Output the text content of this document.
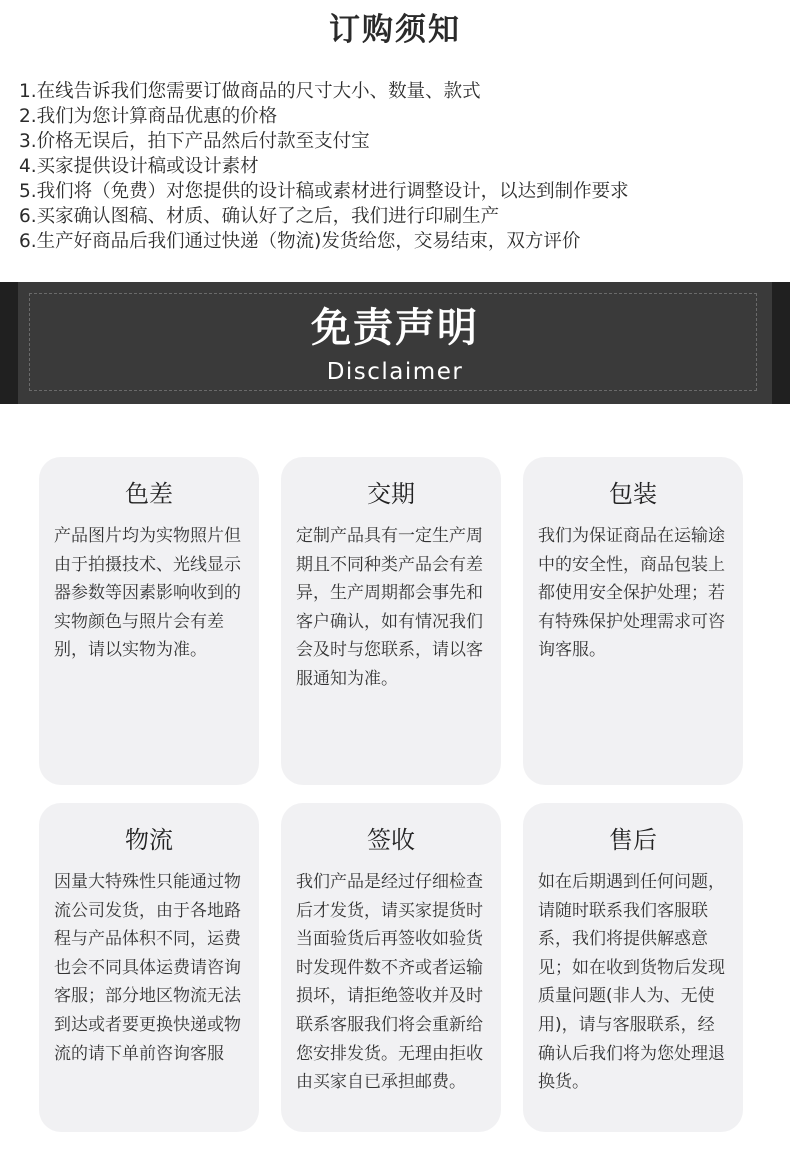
订购须知
1.在线告诉我们您需要订做商品的尺寸大小、数量、款式
2.我们为您计算商品优惠的价格
3.价格无误后，拍下产品然后付款至支付宝
4.买家提供设计稿或设计素材
5.我们将（免费）对您提供的设计稿或素材进行调整设计，以达到制作要求
6.买家确认图稿、材质、确认好了之后，我们进行印刷生产
6.生产好商品后我们通过快递（物流)发货给您，交易结束，双方评价
免责声明
Disclaimer
色差

产品图片均为实物照片但由于拍摄技术、光线显示器参数等因素影响收到的实物颜色与照片会有差别，请以实物为准。

交期

定制产品具有一定生产周期且不同种类产品会有差异，生产周期都会事先和客户确认，如有情况我们会及时与您联系，请以客服通知为准。

包装

我们为保证商品在运输途中的安全性，商品包装上都使用安全保护处理；若有特殊保护处理需求可咨询客服。

物流

因量大特殊性只能通过物流公司发货，由于各地路程与产品体积不同，运费也会不同具体运费请咨询客服；部分地区物流无法到达或者要更换快递或物流的请下单前咨询客服

签收

我们产品是经过仔细检查后才发货，请买家提货时当面验货后再签收如验货时发现件数不齐或者运输损坏，请拒绝签收并及时联系客服我们将会重新给您安排发货。无理由拒收由买家自已承担邮费。

售后

如在后期遇到任何问题，请随时联系我们客服联系，我们将提供解惑意见；如在收到货物后发现质量问题(非人为、无使用)，请与客服联系，经确认后我们将为您处理退换货。
